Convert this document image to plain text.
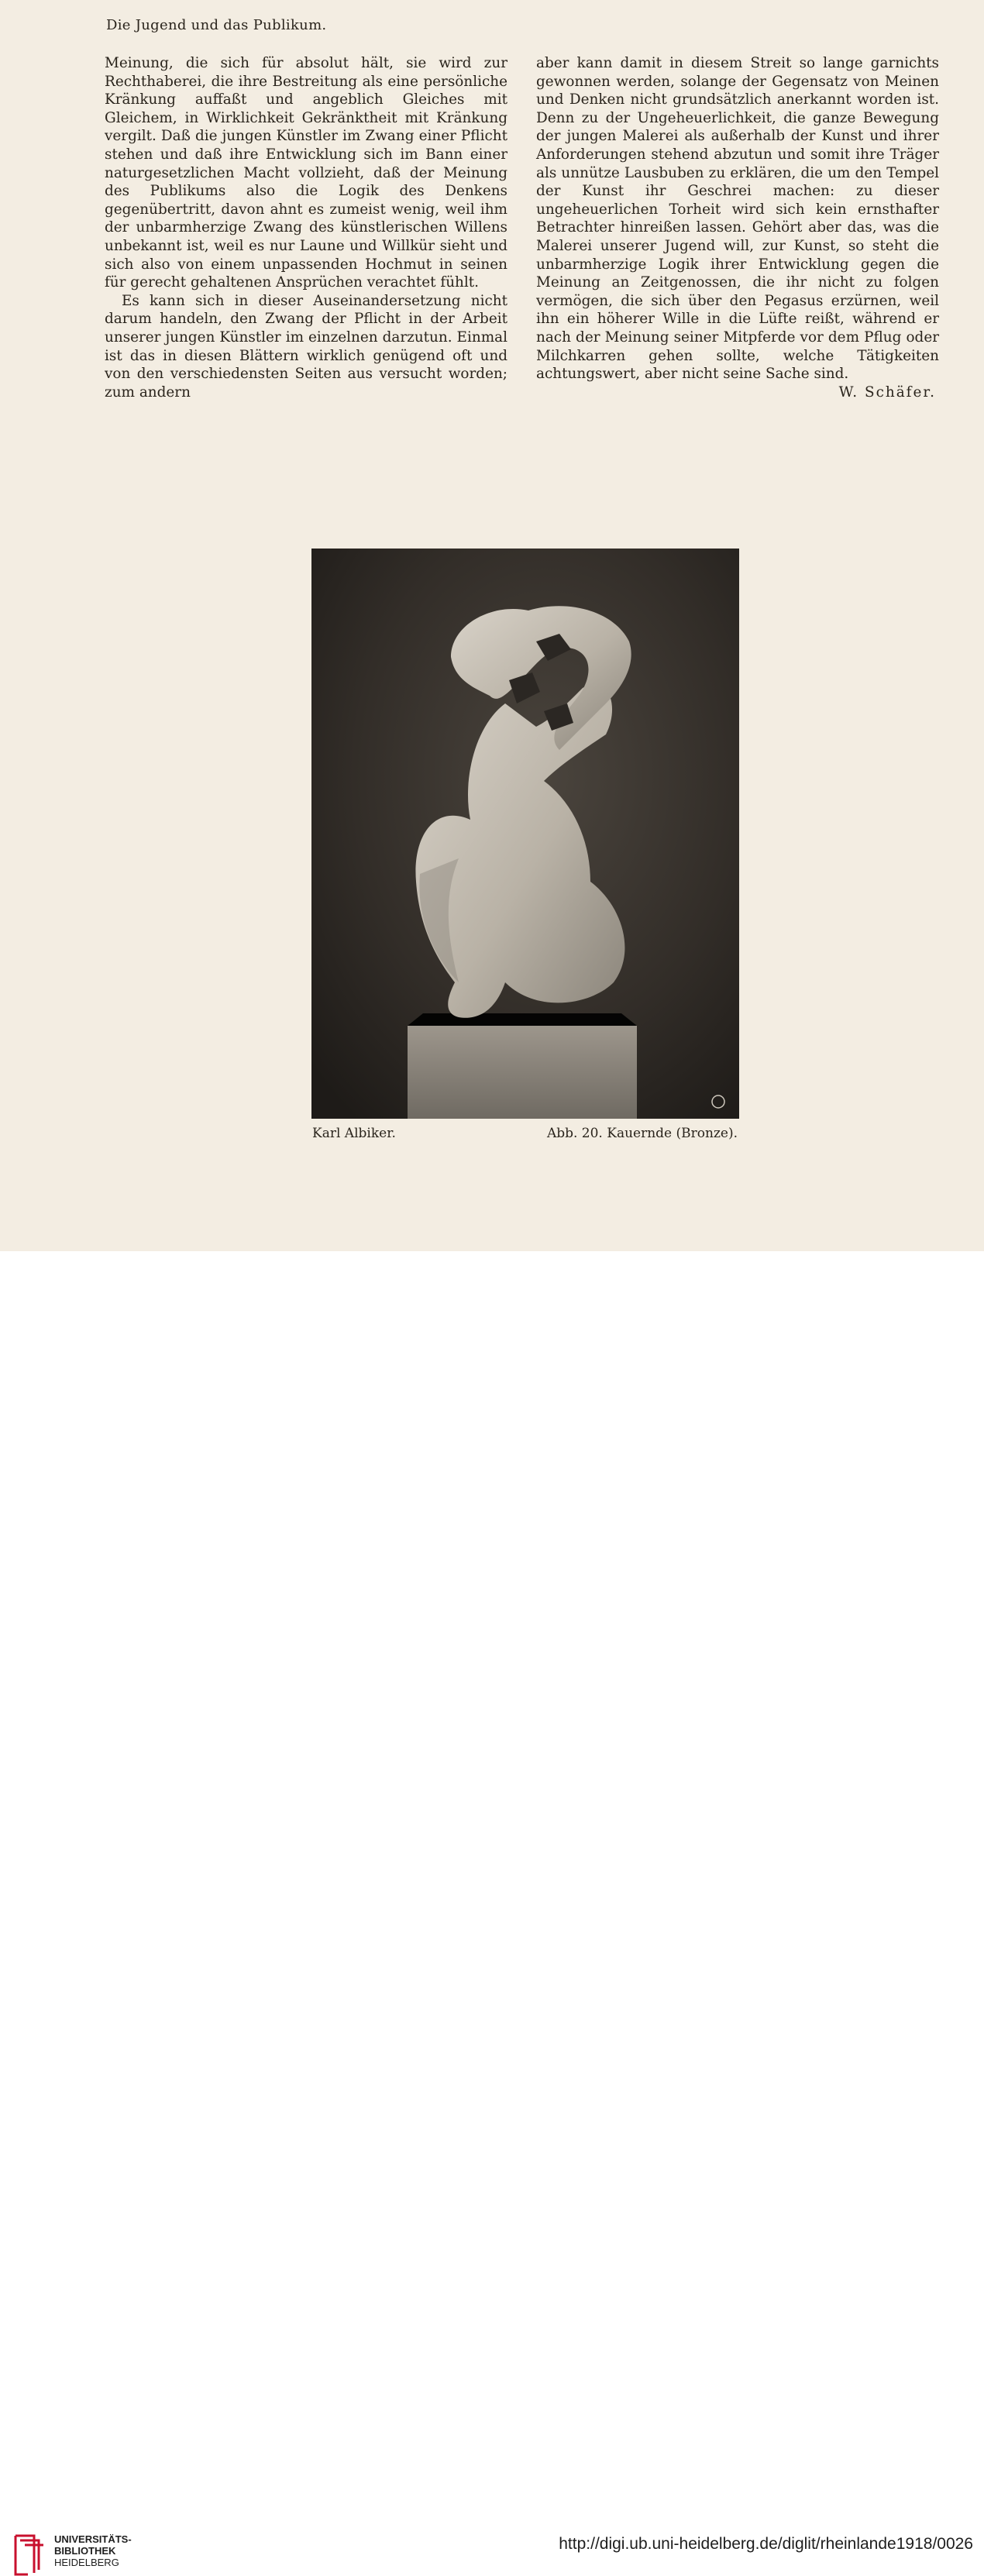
Die Jugend und das Publikum.

Meinung, die sich für absolut hält, sie wird zur Rechthaberei, die ihre Bestreitung als eine persönliche Kränkung auffaßt und angeblich Gleiches mit Gleichem, in Wirklichkeit Gekränktheit mit Kränkung vergilt. Daß die jungen Künstler im Zwang einer Pflicht stehen und daß ihre Entwicklung sich im Bann einer naturgesetzlichen Macht vollzieht, daß der Meinung des Publikums also die Logik des Denkens gegenübertritt, davon ahnt es zumeist wenig, weil ihm der unbarmherzige Zwang des künstlerischen Willens unbekannt ist, weil es nur Laune und Willkür sieht und sich also von einem unpassenden Hochmut in seinen für gerecht gehaltenen Ansprüchen verachtet fühlt.

Es kann sich in dieser Auseinandersetzung nicht darum handeln, den Zwang der Pflicht in der Arbeit unserer jungen Künstler im einzelnen darzutun. Einmal ist das in diesen Blättern wirklich genügend oft und von den verschiedensten Seiten aus versucht worden; zum andern

aber kann damit in diesem Streit so lange garnichts gewonnen werden, solange der Gegensatz von Meinen und Denken nicht grundsätzlich anerkannt worden ist. Denn zu der Ungeheuerlichkeit, die ganze Bewegung der jungen Malerei als außerhalb der Kunst und ihrer Anforderungen stehend abzutun und somit ihre Träger als unnütze Lausbuben zu erklären, die um den Tempel der Kunst ihr Geschrei machen: zu dieser ungeheuerlichen Torheit wird sich kein ernsthafter Betrachter hinreißen lassen. Gehört aber das, was die Malerei unserer Jugend will, zur Kunst, so steht die unbarmherzige Logik ihrer Entwicklung gegen die Meinung an Zeitgenossen, die ihr nicht zu folgen vermögen, die sich über den Pegasus erzürnen, weil ihn ein höherer Wille in die Lüfte reißt, während er nach der Meinung seiner Mitpferde vor dem Pflug oder Milchkarren gehen sollte, welche Tätigkeiten achtungswert, aber nicht seine Sache sind.

W. Schäfer.

Karl Albiker.	Abb. 20. Kauernde (Bronze).
UNIVERSITÄTS-
BIBLIOTHEK
HEIDELBERG
http://digi.ub.uni-heidelberg.de/diglit/rheinlande1918/0026
